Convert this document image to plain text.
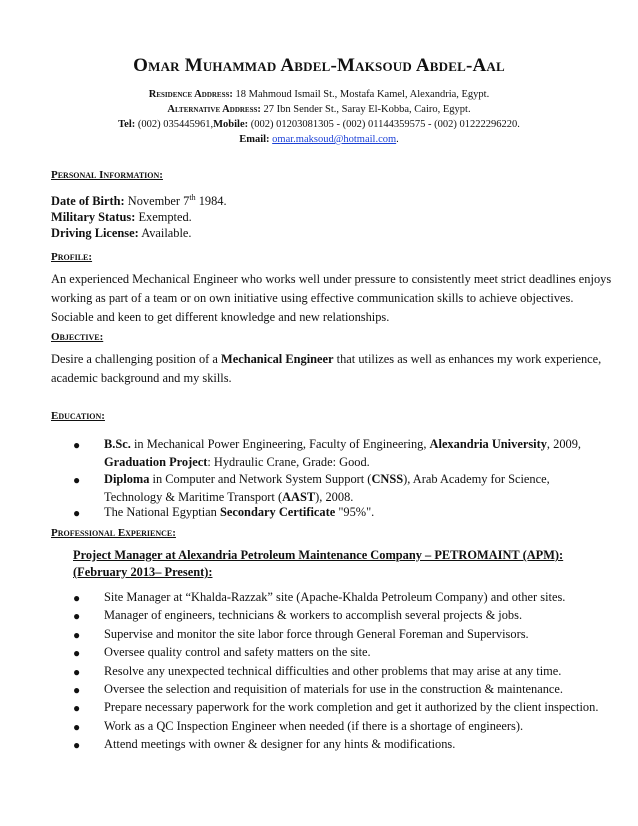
Omar Muhammad Abdel-Maksoud Abdel-Aal
Residence Address: 18 Mahmoud Ismail St., Mostafa Kamel, Alexandria, Egypt.
Alternative Address: 27 Ibn Sender St., Saray El-Kobba, Cairo, Egypt.
Tel: (002) 035445961,Mobile: (002) 01203081305 - (002) 01144359575 - (002) 01222296220.
Email: omar.maksoud@hotmail.com.
Personal Information:
Date of Birth: November 7th 1984.
Military Status: Exempted.
Driving License: Available.
Profile:
An experienced Mechanical Engineer who works well under pressure to consistently meet strict deadlines enjoys
working as part of a team or on own initiative using effective communication skills to achieve objectives.
Sociable and keen to get different knowledge and new relationships.
Objective:
Desire a challenging position of a Mechanical Engineer that utilizes as well as enhances my work experience,
academic background and my skills.
Education:
● B.Sc. in Mechanical Power Engineering, Faculty of Engineering, Alexandria University, 2009,
Graduation Project: Hydraulic Crane, Grade: Good.
● Diploma in Computer and Network System Support (CNSS), Arab Academy for Science,
Technology & Maritime Transport (AAST), 2008.
● The National Egyptian Secondary Certificate "95%".
Professional Experience:
Project Manager at Alexandria Petroleum Maintenance Company – PETROMAINT (APM):
(February 2013– Present):
● Site Manager at “Khalda-Razzak” site (Apache-Khalda Petroleum Company) and other sites.
● Manager of engineers, technicians & workers to accomplish several projects & jobs.
● Supervise and monitor the site labor force through General Foreman and Supervisors.
● Oversee quality control and safety matters on the site.
● Resolve any unexpected technical difficulties and other problems that may arise at any time.
● Oversee the selection and requisition of materials for use in the construction & maintenance.
● Prepare necessary paperwork for the work completion and get it authorized by the client inspection.
● Work as a QC Inspection Engineer when needed (if there is a shortage of engineers).
● Attend meetings with owner & designer for any hints & modifications.
